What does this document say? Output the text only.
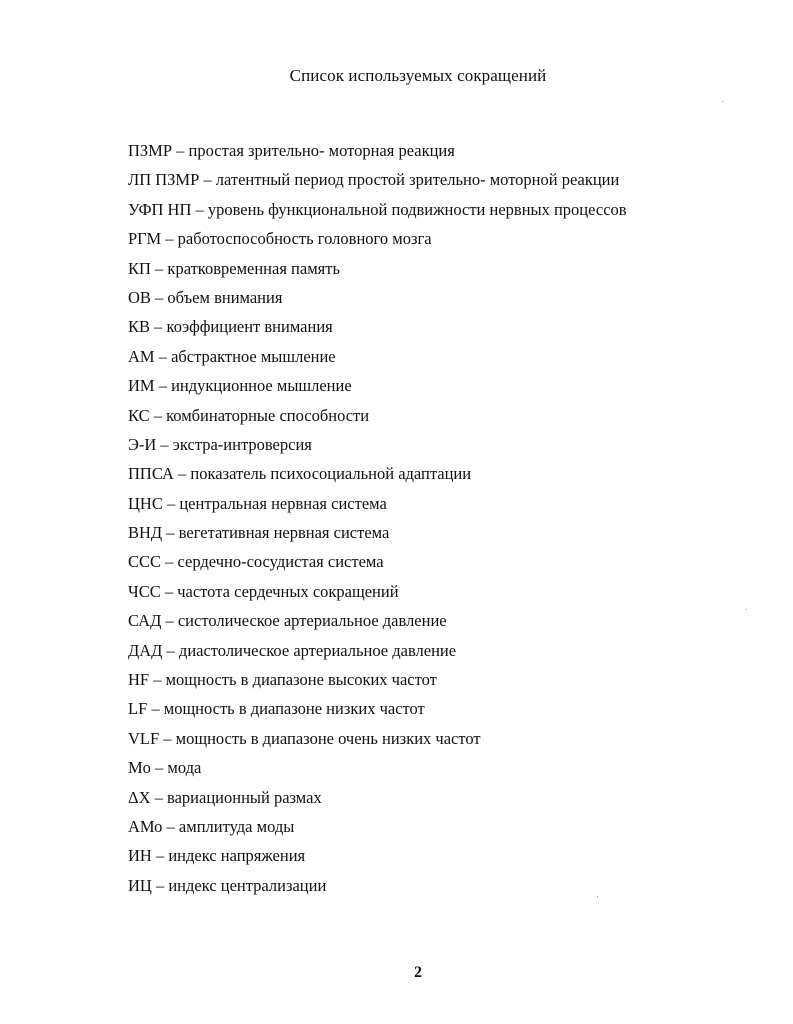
Список используемых сокращений
ПЗМР – простая зрительно- моторная реакция
ЛП ПЗМР – латентный период простой зрительно- моторной реакции
УФП НП – уровень функциональной подвижности нервных процессов
РГМ – работоспособность головного мозга
КП – кратковременная память
ОВ – объем внимания
КВ – коэффициент внимания
АМ – абстрактное мышление
ИМ – индукционное мышление
КС – комбинаторные способности
Э-И – экстра-интроверсия
ППСА – показатель психосоциальной адаптации
ЦНС – центральная нервная система
ВНД – вегетативная нервная система
ССС – сердечно-сосудистая система
ЧСС – частота сердечных сокращений
САД – систолическое артериальное давление
ДАД – диастолическое артериальное давление
HF – мощность в диапазоне высоких частот
LF – мощность в диапазоне низких частот
VLF – мощность в диапазоне очень низких частот
Mo – мода
ΔX – вариационный размах
АМо – амплитуда моды
ИН – индекс напряжения
ИЦ – индекс централизации
2
